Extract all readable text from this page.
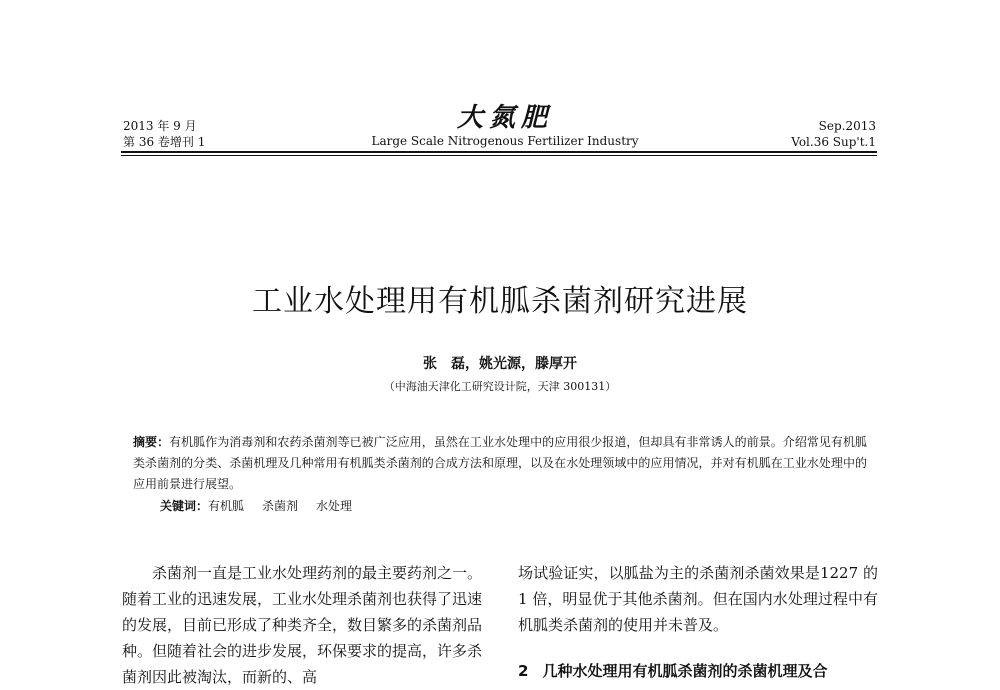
2013 年 9 月
第 36 卷增刊 1
大氮肥
Large Scale Nitrogenous Fertilizer Industry
Sep.2013
Vol.36 Sup't.1
工业水处理用有机胍杀菌剂研究进展
张　磊，姚光源，滕厚开
（中海油天津化工研究设计院，天津 300131）
摘要：有机胍作为消毒剂和农药杀菌剂等已被广泛应用，虽然在工业水处理中的应用很少报道，但却具有非常诱人的前景。介绍常见有机胍类杀菌剂的分类、杀菌机理及几种常用有机胍类杀菌剂的合成方法和原理，以及在水处理领域中的应用情况，并对有机胍在工业水处理中的应用前景进行展望。
关键词：有机胍 杀菌剂 水处理

杀菌剂一直是工业水处理药剂的最主要药剂之一。随着工业的迅速发展，工业水处理杀菌剂也获得了迅速的发展，目前已形成了种类齐全，数目繁多的杀菌剂品种。但随着社会的进步发展，环保要求的提高，许多杀菌剂因此被淘汰，而新的、高

场试验证实，以胍盐为主的杀菌剂杀菌效果是1227 的 1 倍，明显优于其他杀菌剂。但在国内水处理过程中有机胍类杀菌剂的使用并未普及。

2 几种水处理用有机胍杀菌剂的杀菌机理及合
